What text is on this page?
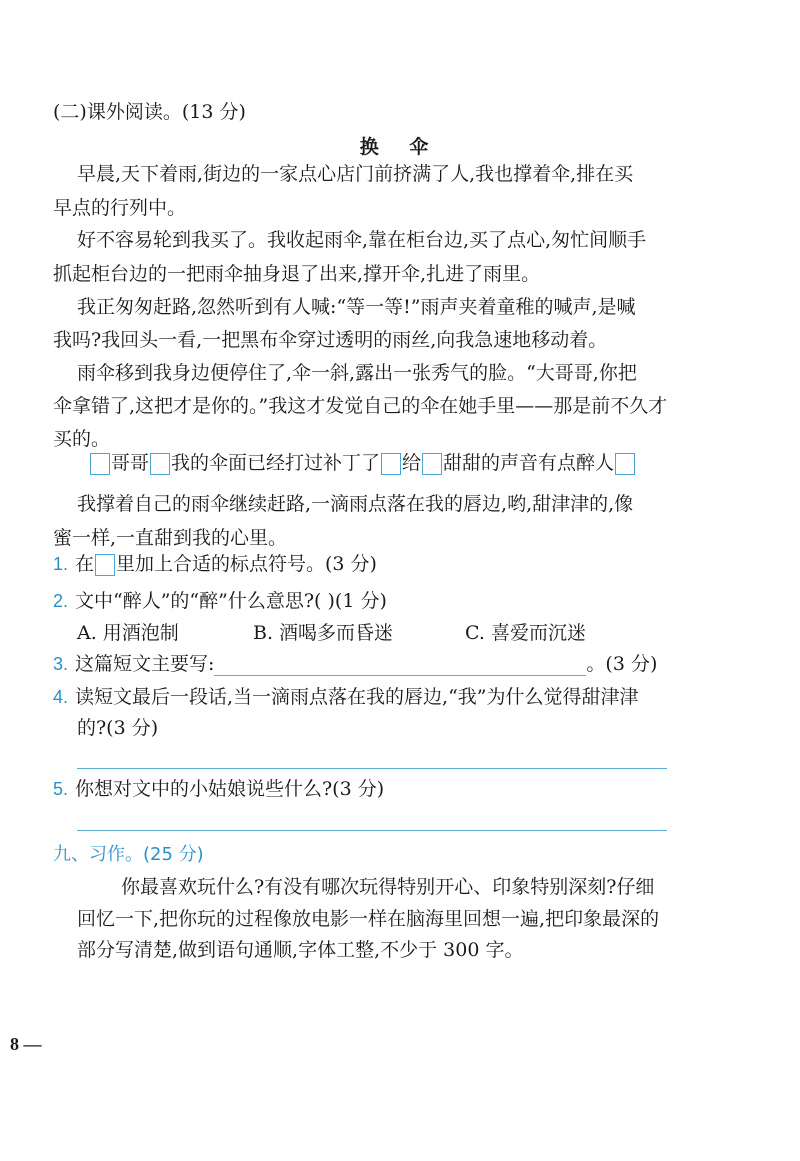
(二)课外阅读。(13 分)
换 伞
早晨,天下着雨,街边的一家点心店门前挤满了人,我也撑着伞,排在买
早点的行列中。
好不容易轮到我买了。我收起雨伞,靠在柜台边,买了点心,匆忙间顺手
抓起柜台边的一把雨伞抽身退了出来,撑开伞,扎进了雨里。
我正匆匆赶路,忽然听到有人喊:“等一等!”雨声夹着童稚的喊声,是喊
我吗?我回头一看,一把黑布伞穿过透明的雨丝,向我急速地移动着。
雨伞移到我身边便停住了,伞一斜,露出一张秀气的脸。“大哥哥,你把
伞拿错了,这把才是你的。”我这才发觉自己的伞在她手里——那是前不久才
买的。
哥哥 我的伞面已经打过补丁了 给 甜甜的声音有点醉人
我撑着自己的雨伞继续赶路,一滴雨点落在我的唇边,哟,甜津津的,像
蜜一样,一直甜到我的心里。
1. 在 里加上合适的标点符号。(3 分)
2. 文中“醉人”的“醉”什么意思?( )(1 分)
A. 用酒泡制	B. 酒喝多而昏迷	C. 喜爱而沉迷
3. 这篇短文主要写:	。(3 分)
4. 读短文最后一段话,当一滴雨点落在我的唇边,“我”为什么觉得甜津津
的?(3 分)
5. 你想对文中的小姑娘说些什么?(3 分)
九、习作。(25 分)
你最喜欢玩什么?有没有哪次玩得特别开心、印象特别深刻?仔细
回忆一下,把你玩的过程像放电影一样在脑海里回想一遍,把印象最深的
部分写清楚,做到语句通顺,字体工整,不少于 300 字。
8 —
